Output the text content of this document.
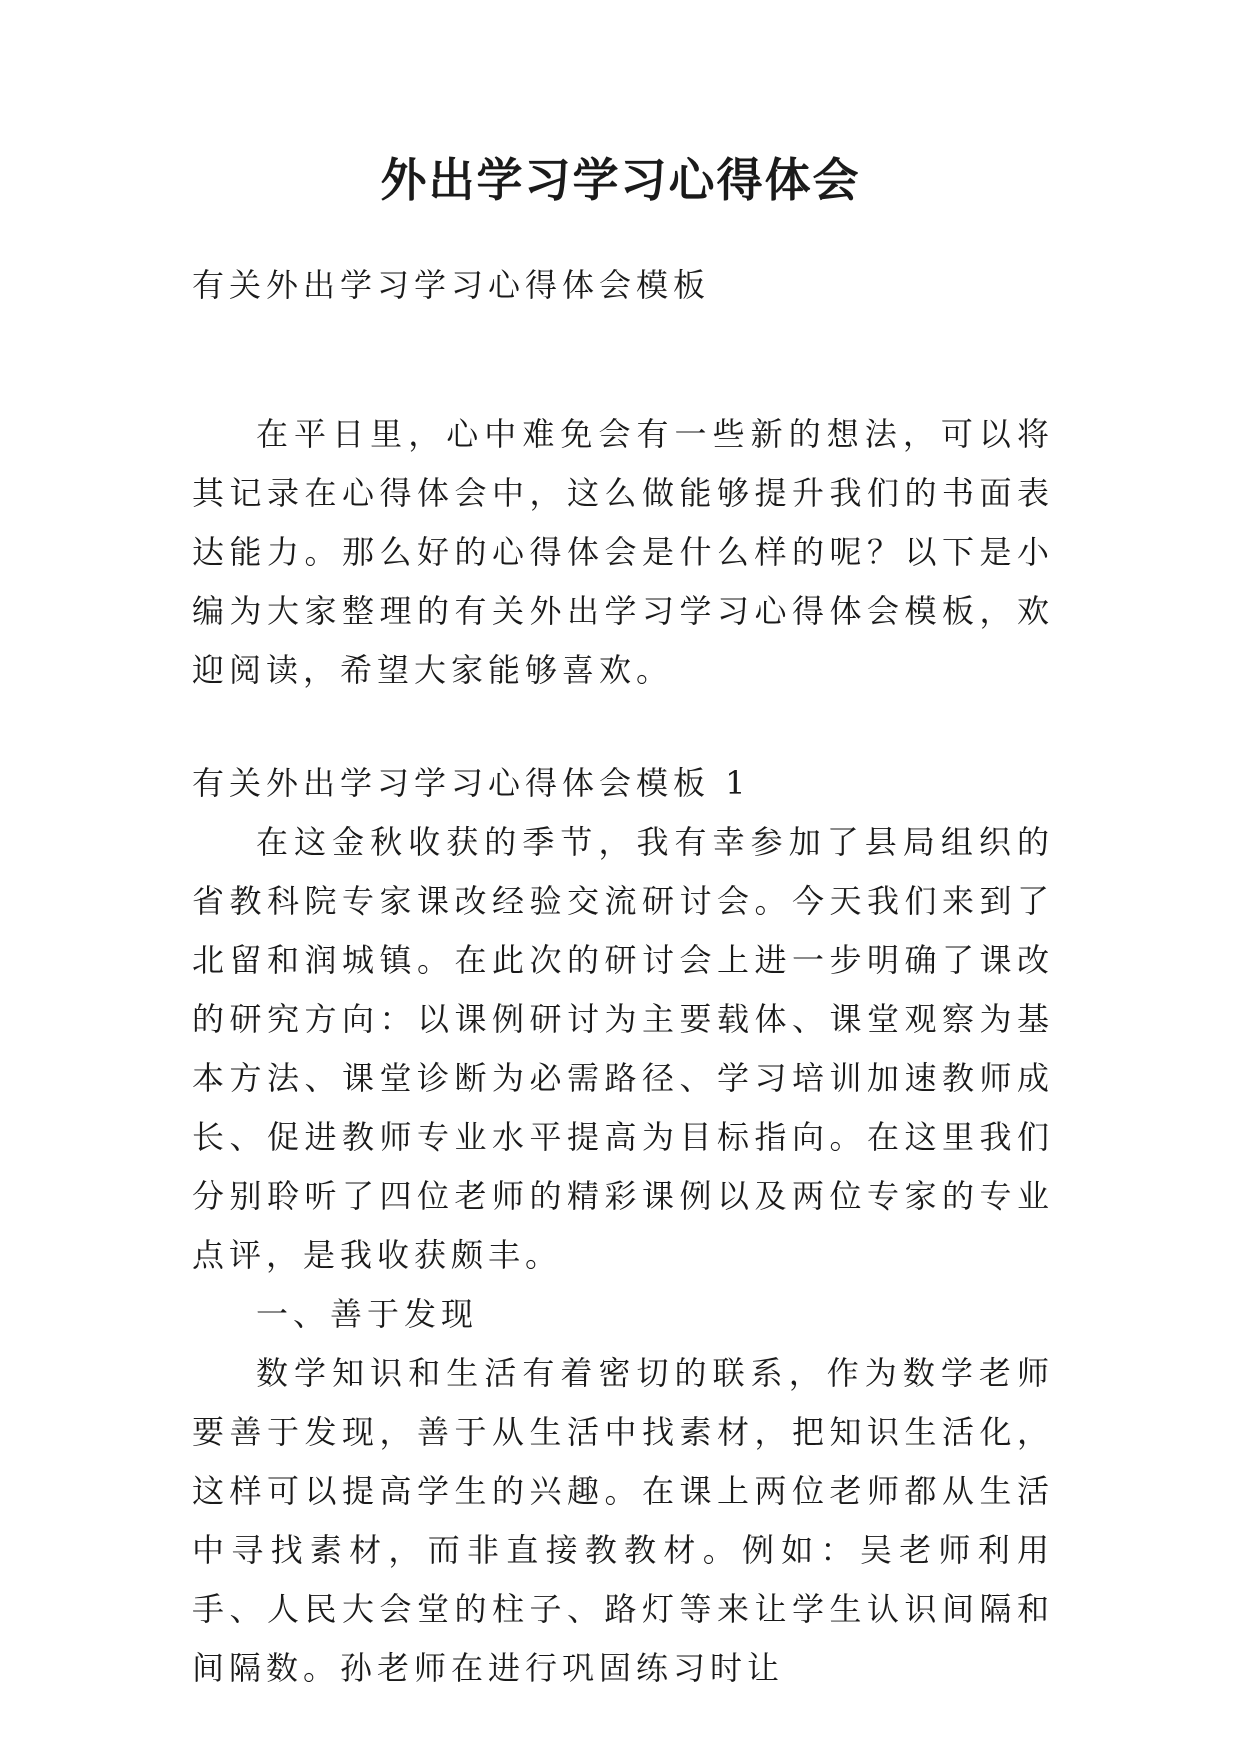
外出学习学习心得体会

有关外出学习学习心得体会模板

在平日里，心中难免会有一些新的想法，可以将其记录在心得体会中，这么做能够提升我们的书面表达能力。那么好的心得体会是什么样的呢？以下是小编为大家整理的有关外出学习学习心得体会模板，欢迎阅读，希望大家能够喜欢。

有关外出学习学习心得体会模板 1

在这金秋收获的季节，我有幸参加了县局组织的省教科院专家课改经验交流研讨会。今天我们来到了北留和润城镇。在此次的研讨会上进一步明确了课改的研究方向：以课例研讨为主要载体、课堂观察为基本方法、课堂诊断为必需路径、学习培训加速教师成长、促进教师专业水平提高为目标指向。在这里我们分别聆听了四位老师的精彩课例以及两位专家的专业点评，是我收获颇丰。

一、善于发现

数学知识和生活有着密切的联系，作为数学老师要善于发现，善于从生活中找素材，把知识生活化，这样可以提高学生的兴趣。在课上两位老师都从生活中寻找素材，而非直接教教材。例如：吴老师利用手、人民大会堂的柱子、路灯等来让学生认识间隔和间隔数。孙老师在进行巩固练习时让
